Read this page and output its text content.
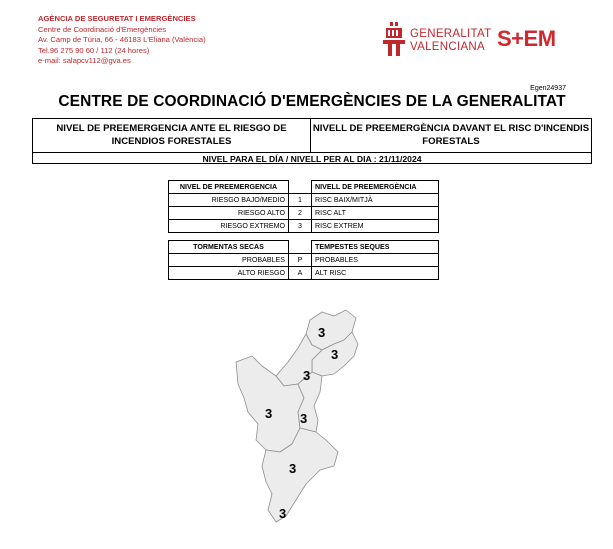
AGÈNCIA DE SEGURETAT I EMERGÈNCIES
Centre de Coordinació d'Emergències
Av. Camp de Túria, 66 - 46183 L'Eliana (València)
Tel.96 275 90 60 / 112 (24 hores)
e-mail: salapcv112@gva.es
GENERALITAT
VALENCIANA S+EM
Egen24937
CENTRE DE COORDINACIÓ D'EMERGÈNCIES DE LA GENERALITAT
NIVEL DE PREEMERGENCIA ANTE EL RIESGO DE INCENDIOS FORESTALES
NIVELL DE PREEMERGÈNCIA DAVANT EL RISC D'INCENDIS FORESTALS
NIVEL PARA EL DÍA / NIVELL PER AL DIA : 21/11/2024
NIVEL DE PREEMERGENCIA		NIVELL DE PREEMERGÈNCIA
RIESGO BAJO/MEDIO	1	RISC BAIX/MITJÀ
RIESGO ALTO	2	RISC ALT
RIESGO EXTREMO	3	RISC EXTREM
TORMENTAS SECAS		TEMPESTES SEQUES
PROBABLES	P	PROBABLES
ALTO RIESGO	A	ALT RISC
3
3
3
3 3
3
3
